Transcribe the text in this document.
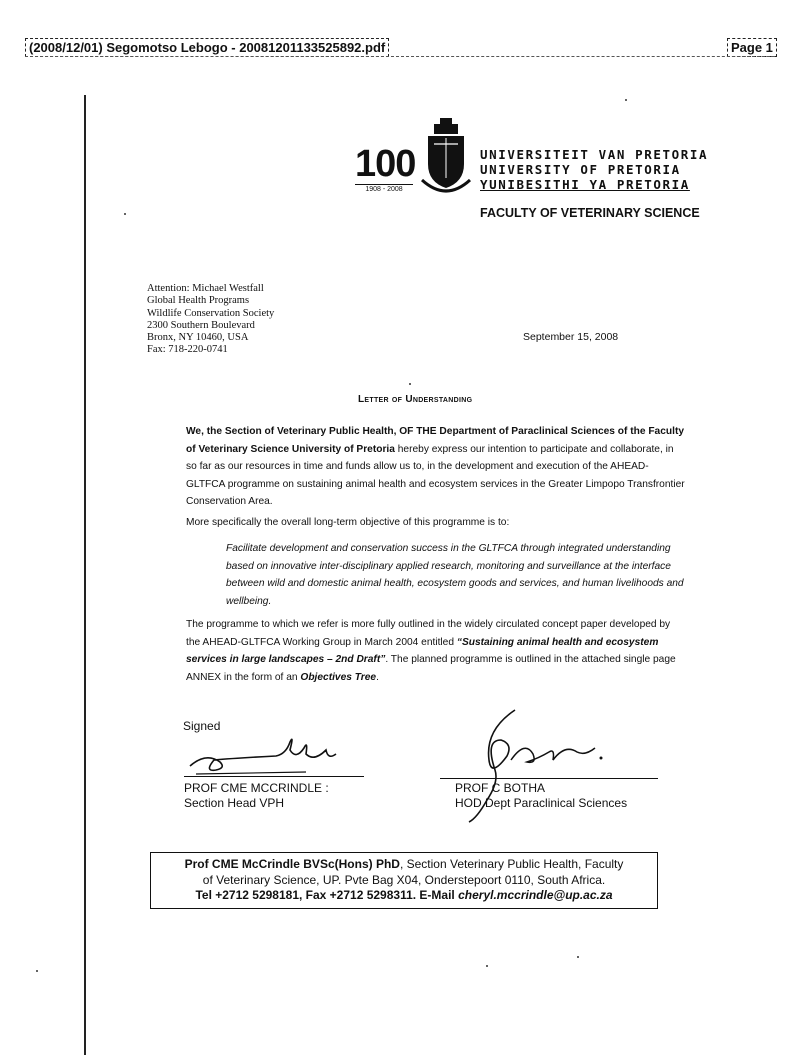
(2008/12/01) Segomotso Lebogo - 20081201133525892.pdf	Page 1
100
1908 - 2008
UNIVERSITEIT VAN PRETORIA
UNIVERSITY OF PRETORIA
YUNIBESITHI YA PRETORIA
FACULTY OF VETERINARY SCIENCE
Attention: Michael Westfall
Global Health Programs
Wildlife Conservation Society
2300 Southern Boulevard
Bronx, NY 10460, USA
Fax: 718-220-0741
September 15, 2008
Letter of Understanding
We, the Section of Veterinary Public Health, OF THE Department of Paraclinical Sciences of the Faculty of Veterinary Science University of Pretoria hereby express our intention to participate and collaborate, in so far as our resources in time and funds allow us to, in the development and execution of the AHEAD-GLTFCA programme on sustaining animal health and ecosystem services in the Greater Limpopo Transfrontier Conservation Area.
More specifically the overall long-term objective of this programme is to:
Facilitate development and conservation success in the GLTFCA through integrated understanding based on innovative inter-disciplinary applied research, monitoring and surveillance at the interface between wild and domestic animal health, ecosystem goods and services, and human livelihoods and wellbeing.
The programme to which we refer is more fully outlined in the widely circulated concept paper developed by the AHEAD-GLTFCA Working Group in March 2004 entitled “Sustaining animal health and ecosystem services in large landscapes – 2nd Draft”. The planned programme is outlined in the attached single page ANNEX in the form of an Objectives Tree.
Signed
PROF CME MCCRINDLE :
Section Head VPH
PROF C BOTHA
HOD Dept Paraclinical Sciences
Prof CME McCrindle BVSc(Hons) PhD, Section Veterinary Public Health, Faculty
of Veterinary Science, UP. Pvte Bag X04, Onderstepoort 0110, South Africa.
Tel +2712 5298181, Fax +2712 5298311. E-Mail cheryl.mccrindle@up.ac.za
